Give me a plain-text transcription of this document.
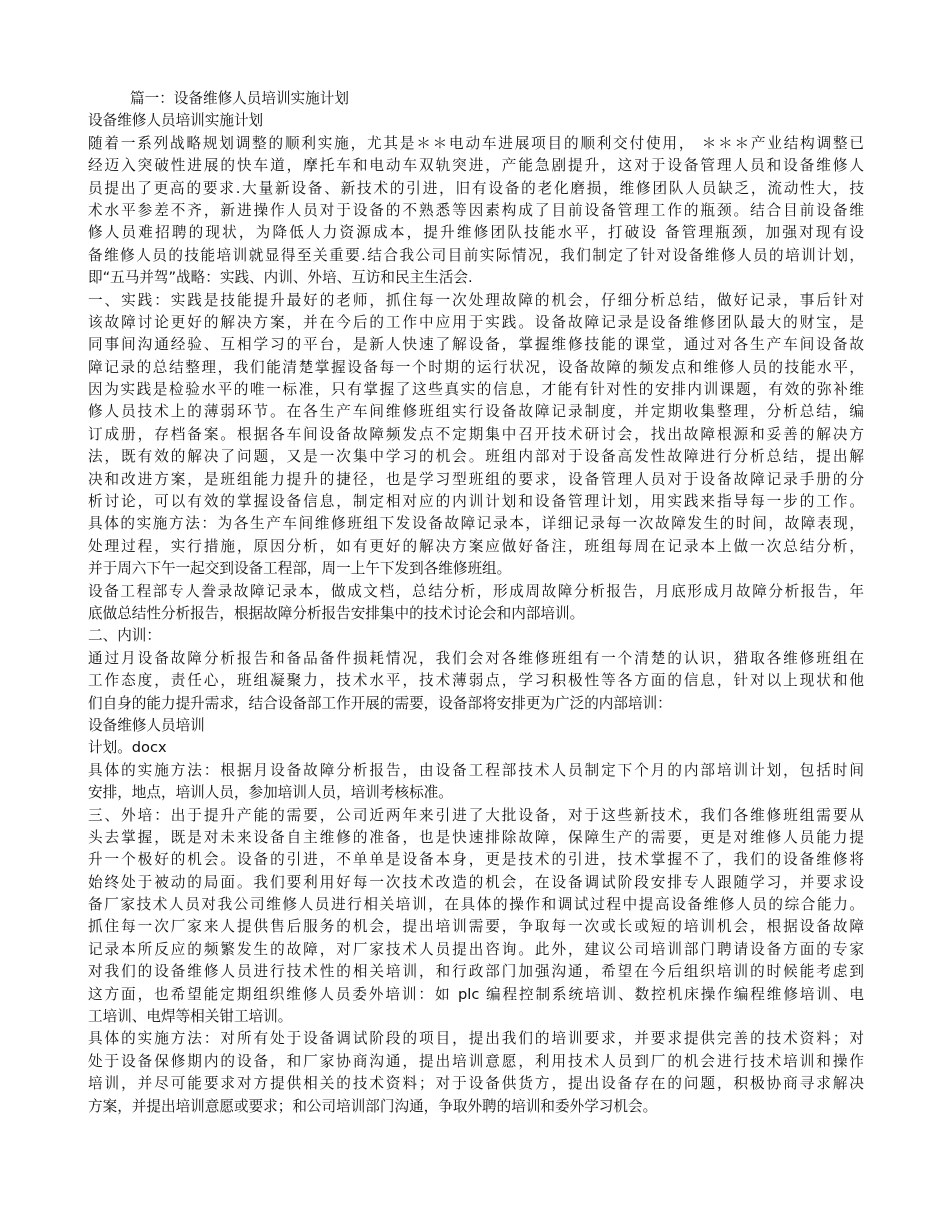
篇一：设备维修人员培训实施计划
设备维修人员培训实施计划
随着一系列战略规划调整的顺利实施，尤其是＊＊电动车进展项目的顺利交付使用， ＊＊＊产业结构调整已
经迈入突破性进展的快车道，摩托车和电动车双轨突进，产能急剧提升，这对于设备管理人员和设备维修人
员提出了更高的要求.大量新设备、新技术的引进，旧有设备的老化磨损，维修团队人员缺乏，流动性大，技
术水平参差不齐，新进操作人员对于设备的不熟悉等因素构成了目前设备管理工作的瓶颈。结合目前设备维
修人员难招聘的现状，为降低人力资源成本，提升维修团队技能水平，打破设 备管理瓶颈，加强对现有设
备维修人员的技能培训就显得至关重要.结合我公司目前实际情况，我们制定了针对设备维修人员的培训计划，
即“五马并驾”战略：实践、内训、外培、互访和民主生活会.
一、实践：实践是技能提升最好的老师，抓住每一次处理故障的机会，仔细分析总结，做好记录，事后针对
该故障讨论更好的解决方案，并在今后的工作中应用于实践。设备故障记录是设备维修团队最大的财宝，是
同事间沟通经验、互相学习的平台，是新人快速了解设备，掌握维修技能的课堂，通过对各生产车间设备故
障记录的总结整理，我们能清楚掌握设备每一个时期的运行状况，设备故障的频发点和维修人员的技能水平，
因为实践是检验水平的唯一标准，只有掌握了这些真实的信息，才能有针对性的安排内训课题，有效的弥补维
修人员技术上的薄弱环节。在各生产车间维修班组实行设备故障记录制度，并定期收集整理，分析总结，编
订成册，存档备案。根据各车间设备故障频发点不定期集中召开技术研讨会，找出故障根源和妥善的解决方
法，既有效的解决了问题，又是一次集中学习的机会。班组内部对于设备高发性故障进行分析总结，提出解
决和改进方案，是班组能力提升的捷径，也是学习型班组的要求，设备管理人员对于设备故障记录手册的分
析讨论，可以有效的掌握设备信息，制定相对应的内训计划和设备管理计划，用实践来指导每一步的工作。
具体的实施方法：为各生产车间维修班组下发设备故障记录本，详细记录每一次故障发生的时间，故障表现，
处理过程，实行措施，原因分析，如有更好的解决方案应做好备注，班组每周在记录本上做一次总结分析，
并于周六下午一起交到设备工程部，周一上午下发到各维修班组。
设备工程部专人誊录故障记录本，做成文档，总结分析，形成周故障分析报告，月底形成月故障分析报告，年
底做总结性分析报告，根据故障分析报告安排集中的技术讨论会和内部培训。
二、内训：
通过月设备故障分析报告和备品备件损耗情况，我们会对各维修班组有一个清楚的认识，猎取各维修班组在
工作态度，责任心，班组凝聚力，技术水平，技术薄弱点，学习积极性等各方面的信息，针对以上现状和他
们自身的能力提升需求，结合设备部工作开展的需要，设备部将安排更为广泛的内部培训：
设备维修人员培训
计划。docx
具体的实施方法：根据月设备故障分析报告，由设备工程部技术人员制定下个月的内部培训计划，包括时间
安排，地点，培训人员，参加培训人员，培训考核标准。
三、外培：出于提升产能的需要，公司近两年来引进了大批设备，对于这些新技术，我们各维修班组需要从
头去掌握，既是对未来设备自主维修的准备，也是快速排除故障，保障生产的需要，更是对维修人员能力提
升一个极好的机会。设备的引进，不单单是设备本身，更是技术的引进，技术掌握不了，我们的设备维修将
始终处于被动的局面。我们要利用好每一次技术改造的机会，在设备调试阶段安排专人跟随学习，并要求设
备厂家技术人员对我公司维修人员进行相关培训，在具体的操作和调试过程中提高设备维修人员的综合能力。
抓住每一次厂家来人提供售后服务的机会，提出培训需要，争取每一次或长或短的培训机会，根据设备故障
记录本所反应的频繁发生的故障，对厂家技术人员提出咨询。此外，建议公司培训部门聘请设备方面的专家
对我们的设备维修人员进行技术性的相关培训，和行政部门加强沟通，希望在今后组织培训的时候能考虑到
这方面，也希望能定期组织维修人员委外培训：如 plc 编程控制系统培训、数控机床操作编程维修培训、电
工培训、电焊等相关钳工培训。
具体的实施方法：对所有处于设备调试阶段的项目，提出我们的培训要求，并要求提供完善的技术资料；对
处于设备保修期内的设备，和厂家协商沟通，提出培训意愿，利用技术人员到厂的机会进行技术培训和操作
培训，并尽可能要求对方提供相关的技术资料；对于设备供货方，提出设备存在的问题，积极协商寻求解决
方案，并提出培训意愿或要求；和公司培训部门沟通，争取外聘的培训和委外学习机会。
